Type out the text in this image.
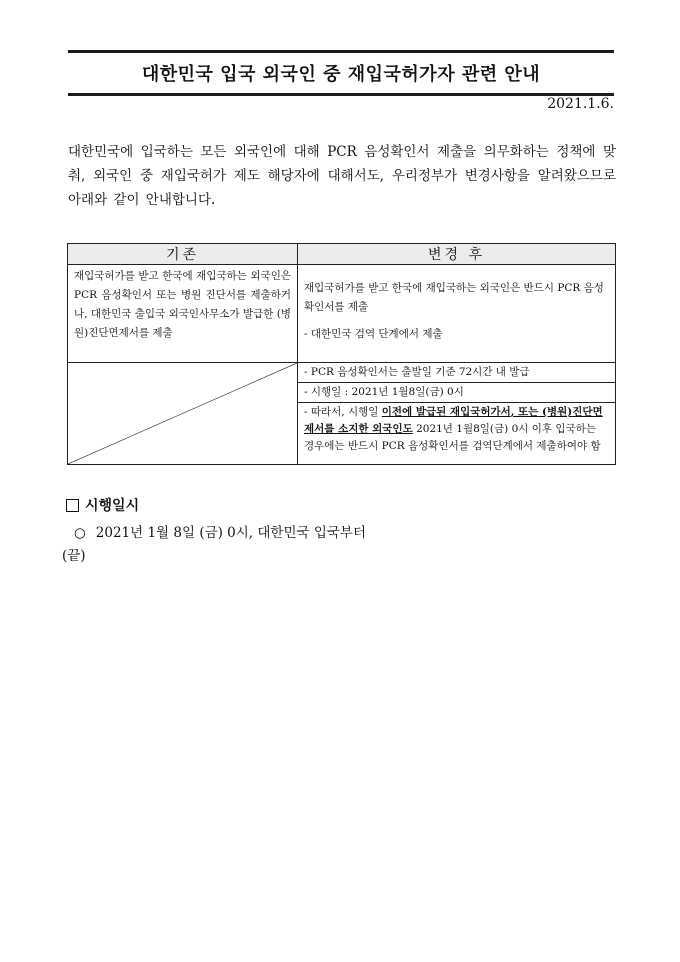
대한민국 입국 외국인 중 재입국허가자 관련 안내
2021.1.6.
대한민국에 입국하는 모든 외국인에 대해 PCR 음성확인서 제출을 의무화하는 정책에 맞춰, 외국인 중 재입국허가 제도 해당자에 대해서도, 우리정부가 변경사항을 알려왔으므로 아래와 같이 안내합니다.
기존	변경 후
재입국허가를 받고 한국에 재입국하는 외국인은 PCR 음성확인서 또는 병원 진단서를 제출하거나, 대한민국 출입국 외국인사무소가 발급한 (병원)진단면제서를 제출	재입국허가를 받고 한국에 재입국하는 외국인은 반드시 PCR 음성확인서를 제출

- 대한민국 검역 단계에서 제출

	- PCR 음성확인서는 출발일 기준 72시간 내 발급
	- 시행일 : 2021년 1월8일(금) 0시
	- 따라서, 시행일 이전에 발급된 재입국허가서, 또는 (병원)진단면제서를 소지한 외국인도 2021년 1월8일(금) 0시 이후 입국하는 경우에는 반드시 PCR 음성확인서를 검역단계에서 제출하여야 함
시행일시
○ 2021년 1월 8일 (금) 0시, 대한민국 입국부터
(끝)
